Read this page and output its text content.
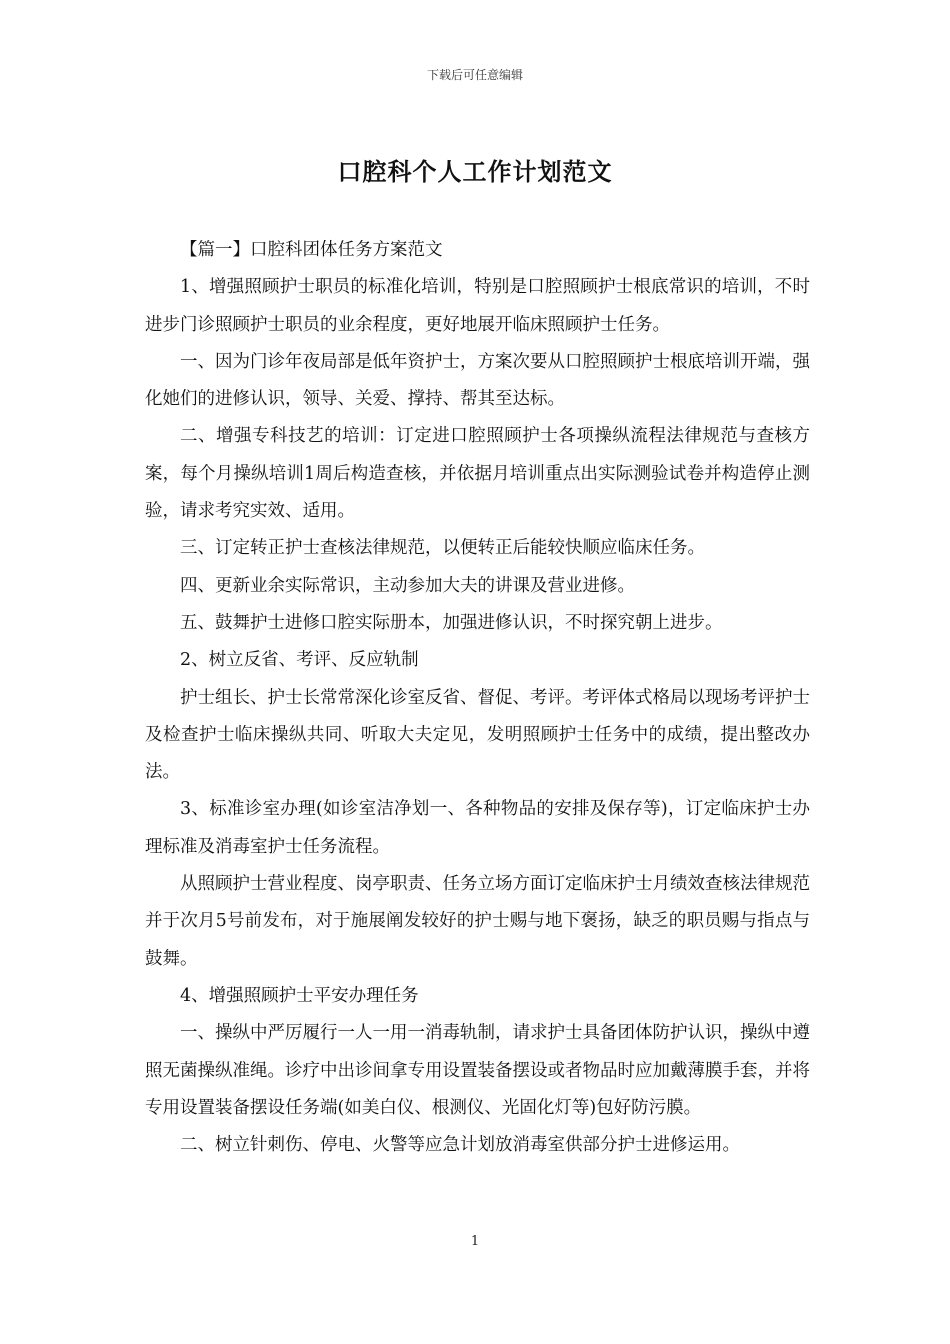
下载后可任意编辑
口腔科个人工作计划范文

【篇一】口腔科团体任务方案范文

1、增强照顾护士职员的标准化培训，特别是口腔照顾护士根底常识的培训，不时进步门诊照顾护士职员的业余程度，更好地展开临床照顾护士任务。

一、因为门诊年夜局部是低年资护士，方案次要从口腔照顾护士根底培训开端，强化她们的进修认识，领导、关爱、撑持、帮其至达标。

二、增强专科技艺的培训：订定进口腔照顾护士各项操纵流程法律规范与查核方案，每个月操纵培训1周后构造查核，并依据月培训重点出实际测验试卷并构造停止测验，请求考究实效、适用。

三、订定转正护士查核法律规范，以便转正后能较快顺应临床任务。

四、更新业余实际常识，主动参加大夫的讲课及营业进修。

五、鼓舞护士进修口腔实际册本，加强进修认识，不时探究朝上进步。

2、树立反省、考评、反应轨制

护士组长、护士长常常深化诊室反省、督促、考评。考评体式格局以现场考评护士及检查护士临床操纵共同、听取大夫定见，发明照顾护士任务中的成绩，提出整改办法。

3、标准诊室办理(如诊室洁净划一、各种物品的安排及保存等)，订定临床护士办理标准及消毒室护士任务流程。

从照顾护士营业程度、岗亭职责、任务立场方面订定临床护士月绩效查核法律规范并于次月5号前发布，对于施展阐发较好的护士赐与地下褒扬，缺乏的职员赐与指点与鼓舞。

4、增强照顾护士平安办理任务

一、操纵中严厉履行一人一用一消毒轨制，请求护士具备团体防护认识，操纵中遵照无菌操纵准绳。诊疗中出诊间拿专用设置装备摆设或者物品时应加戴薄膜手套，并将专用设置装备摆设任务端(如美白仪、根测仪、光固化灯等)包好防污膜。

二、树立针刺伤、停电、火警等应急计划放消毒室供部分护士进修运用。

1
